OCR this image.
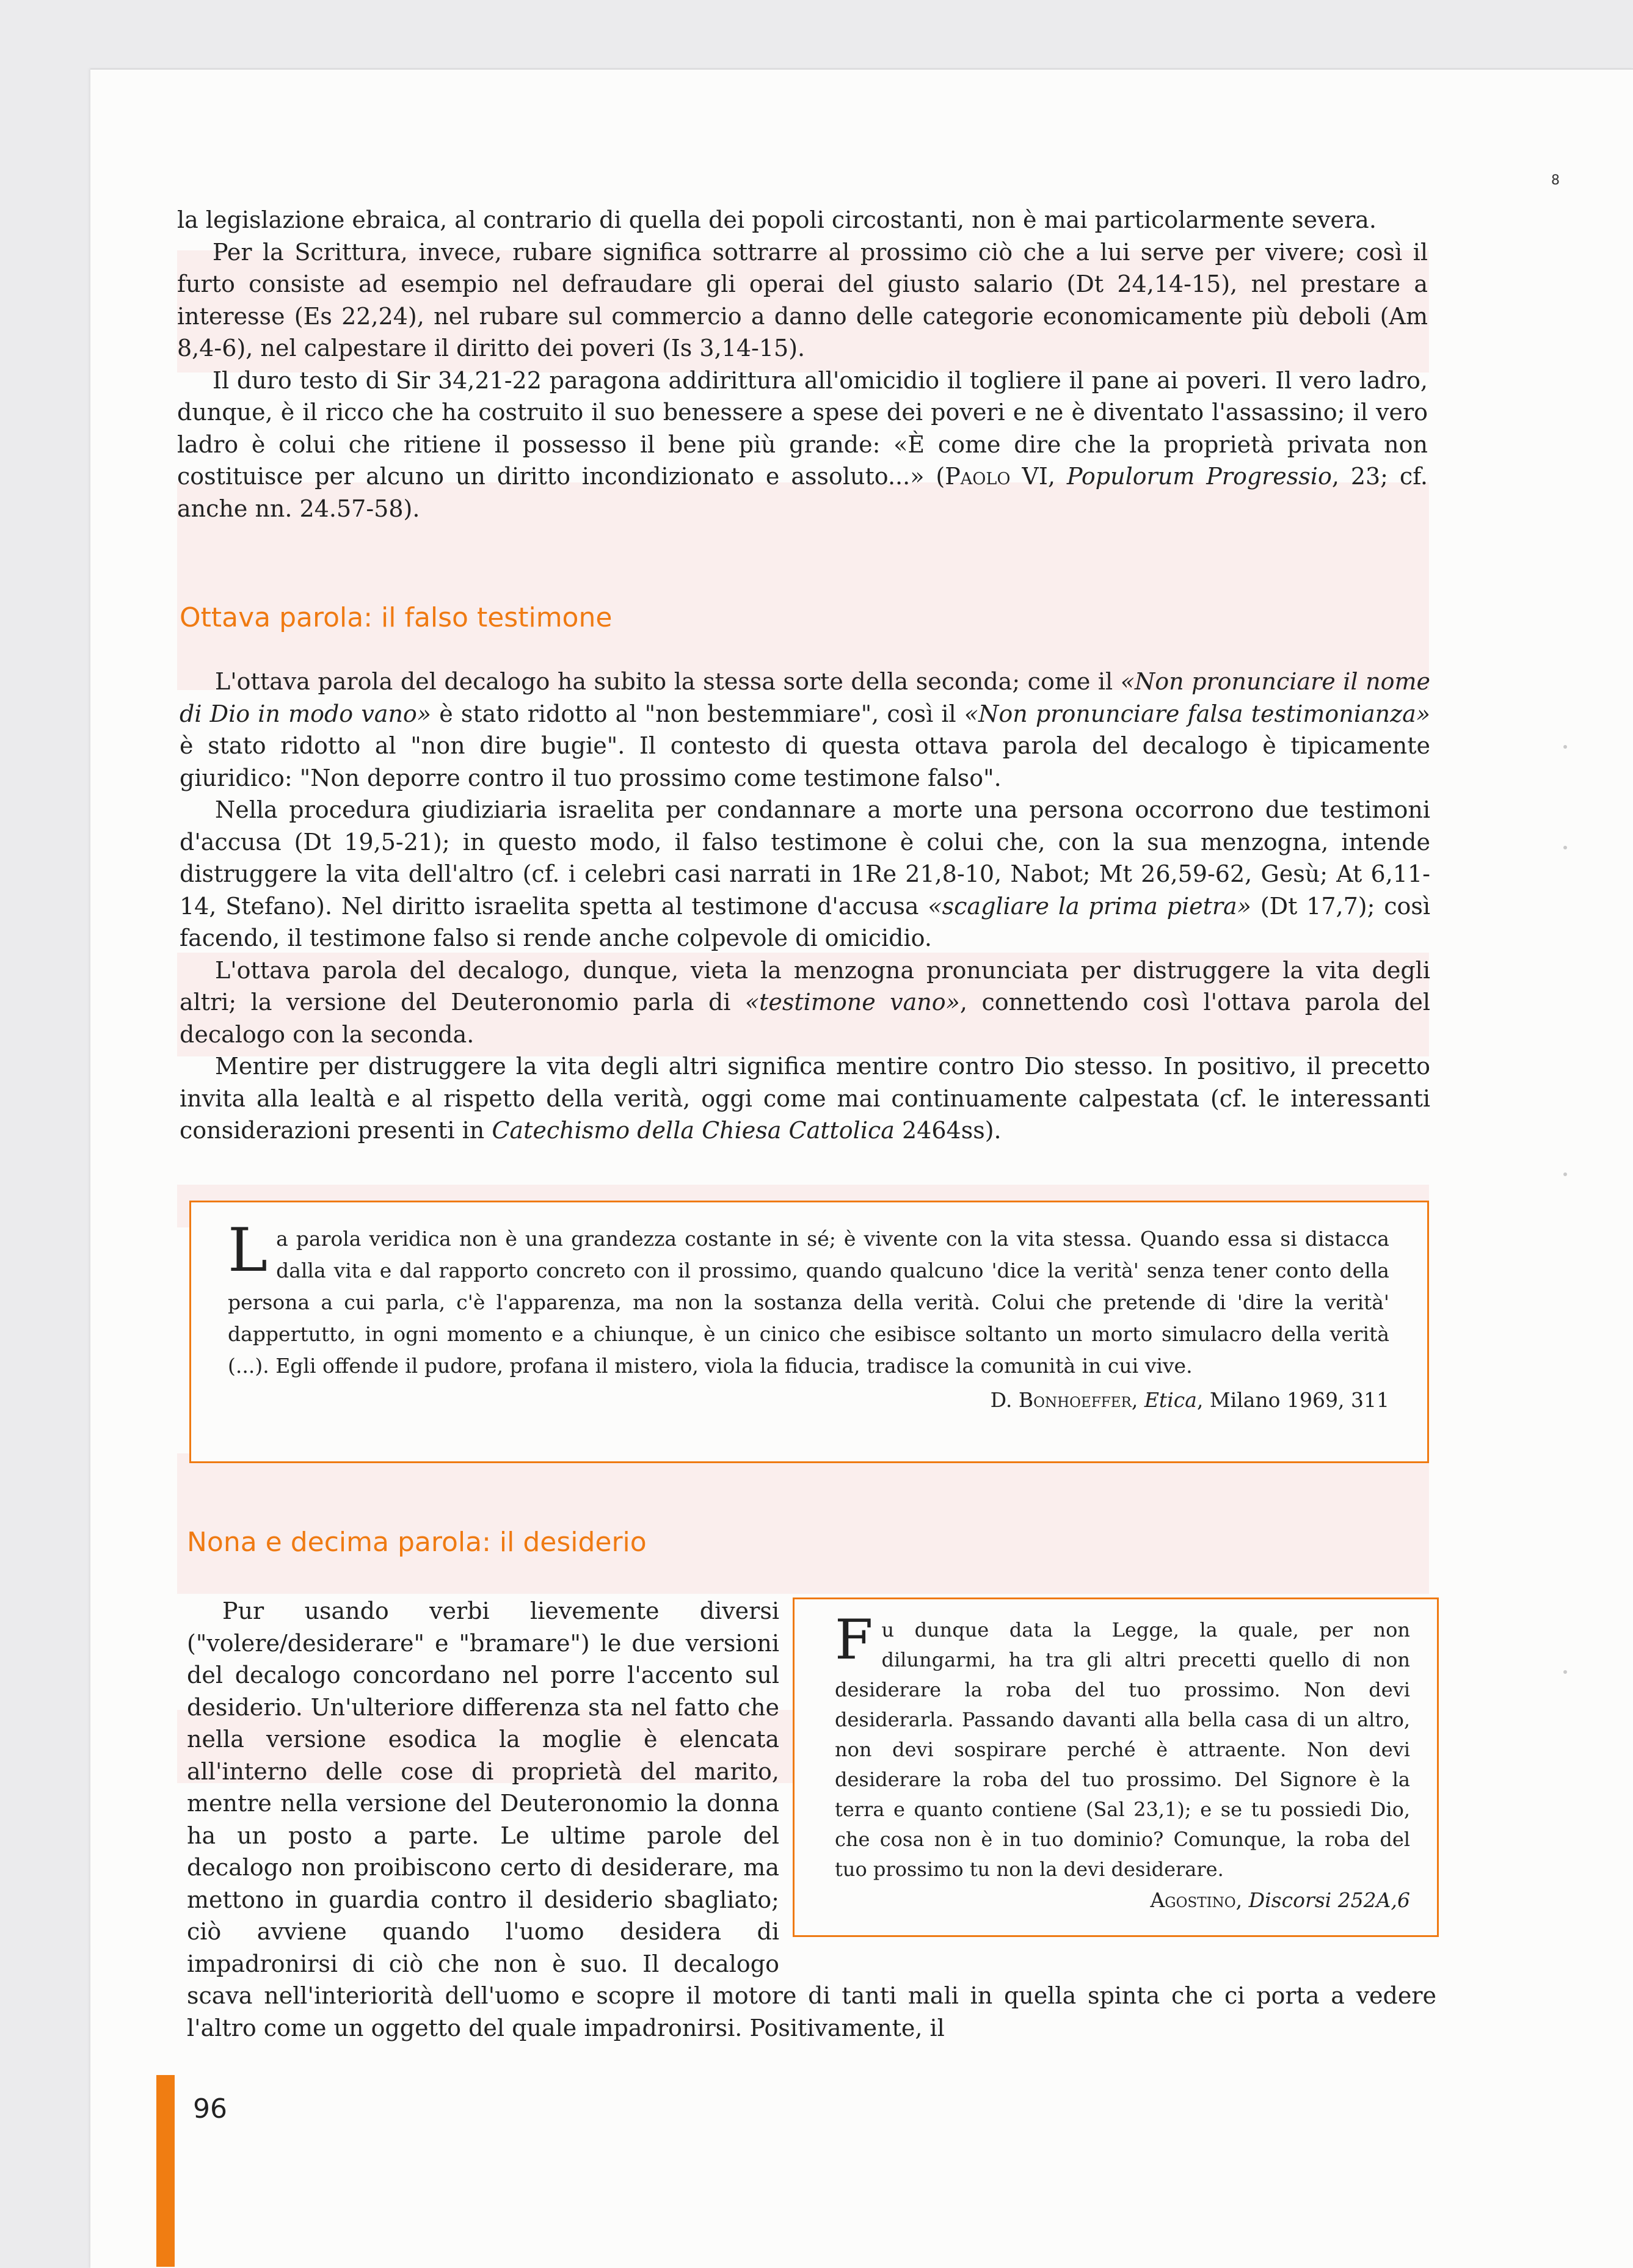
8

la legislazione ebraica, al contrario di quella dei popoli circostanti, non è mai particolarmente severa.

Per la Scrittura, invece, rubare significa sottrarre al prossimo ciò che a lui serve per vivere; così il furto consiste ad esempio nel defraudare gli operai del giusto salario (Dt 24,14-15), nel prestare a interesse (Es 22,24), nel rubare sul commercio a danno delle categorie economicamente più deboli (Am 8,4-6), nel calpestare il diritto dei poveri (Is 3,14-15).

Il duro testo di Sir 34,21-22 paragona addirittura all'omicidio il togliere il pane ai poveri. Il vero ladro, dunque, è il ricco che ha costruito il suo benessere a spese dei poveri e ne è diventato l'assassino; il vero ladro è colui che ritiene il possesso il bene più grande: «È come dire che la proprietà privata non costituisce per alcuno un diritto incondizionato e assoluto...» (Paolo VI, Populorum Progressio, 23; cf. anche nn. 24.57-58).

Ottava parola: il falso testimone

L'ottava parola del decalogo ha subito la stessa sorte della seconda; come il «Non pronunciare il nome di Dio in modo vano» è stato ridotto al "non bestemmiare", così il «Non pronunciare falsa testimonianza» è stato ridotto al "non dire bugie". Il contesto di questa ottava parola del decalogo è tipicamente giuridico: "Non deporre contro il tuo prossimo come testimone falso".

Nella procedura giudiziaria israelita per condannare a morte una persona occorrono due testimoni d'accusa (Dt 19,5-21); in questo modo, il falso testimone è colui che, con la sua menzogna, intende distruggere la vita dell'altro (cf. i celebri casi narrati in 1Re 21,8-10, Nabot; Mt 26,59-62, Gesù; At 6,11-14, Stefano). Nel diritto israelita spetta al testimone d'accusa «scagliare la prima pietra» (Dt 17,7); così facendo, il testimone falso si rende anche colpevole di omicidio.

L'ottava parola del decalogo, dunque, vieta la menzogna pronunciata per distruggere la vita degli altri; la versione del Deuteronomio parla di «testimone vano», connettendo così l'ottava parola del decalogo con la seconda.

Mentire per distruggere la vita degli altri significa mentire contro Dio stesso. In positivo, il precetto invita alla lealtà e al rispetto della verità, oggi come mai continuamente calpestata (cf. le interessanti considerazioni presenti in Catechismo della Chiesa Cattolica 2464ss).

La parola veridica non è una grandezza costante in sé; è vivente con la vita stessa. Quando essa si distacca dalla vita e dal rapporto concreto con il prossimo, quando qualcuno 'dice la verità' senza tener conto della persona a cui parla, c'è l'apparenza, ma non la sostanza della verità. Colui che pretende di 'dire la verità' dappertutto, in ogni momento e a chiunque, è un cinico che esibisce soltanto un morto simulacro della verità (...). Egli offende il pudore, profana il mistero, viola la fiducia, tradisce la comunità in cui vive.
D. Bonhoeffer, Etica, Milano 1969, 311
Nona e decima parola: il desiderio
Fu dunque data la Legge, la quale, per non dilungarmi, ha tra gli altri precetti quello di non desiderare la roba del tuo prossimo. Non devi desiderarla. Passando davanti alla bella casa di un altro, non devi sospirare perché è attraente. Non devi desiderare la roba del tuo prossimo. Del Signore è la terra e quanto contiene (Sal 23,1); e se tu possiedi Dio, che cosa non è in tuo dominio? Comunque, la roba del tuo prossimo tu non la devi desiderare.
Agostino, Discorsi 252A,6

Pur usando verbi lievemente diversi ("volere/desiderare" e "bramare") le due versioni del decalogo concordano nel porre l'accento sul desiderio. Un'ulteriore differenza sta nel fatto che nella versione esodica la moglie è elencata all'interno delle cose di proprietà del marito, mentre nella versione del Deuteronomio la donna ha un posto a parte. Le ultime parole del decalogo non proibiscono certo di desiderare, ma mettono in guardia contro il desiderio sbagliato; ciò avviene quando l'uomo desidera di impadronirsi di ciò che non è suo. Il decalogo scava nell'interiorità dell'uomo e scopre il motore di tanti mali in quella spinta che ci porta a vedere l'altro come un oggetto del quale impadronirsi. Positivamente, il

96
